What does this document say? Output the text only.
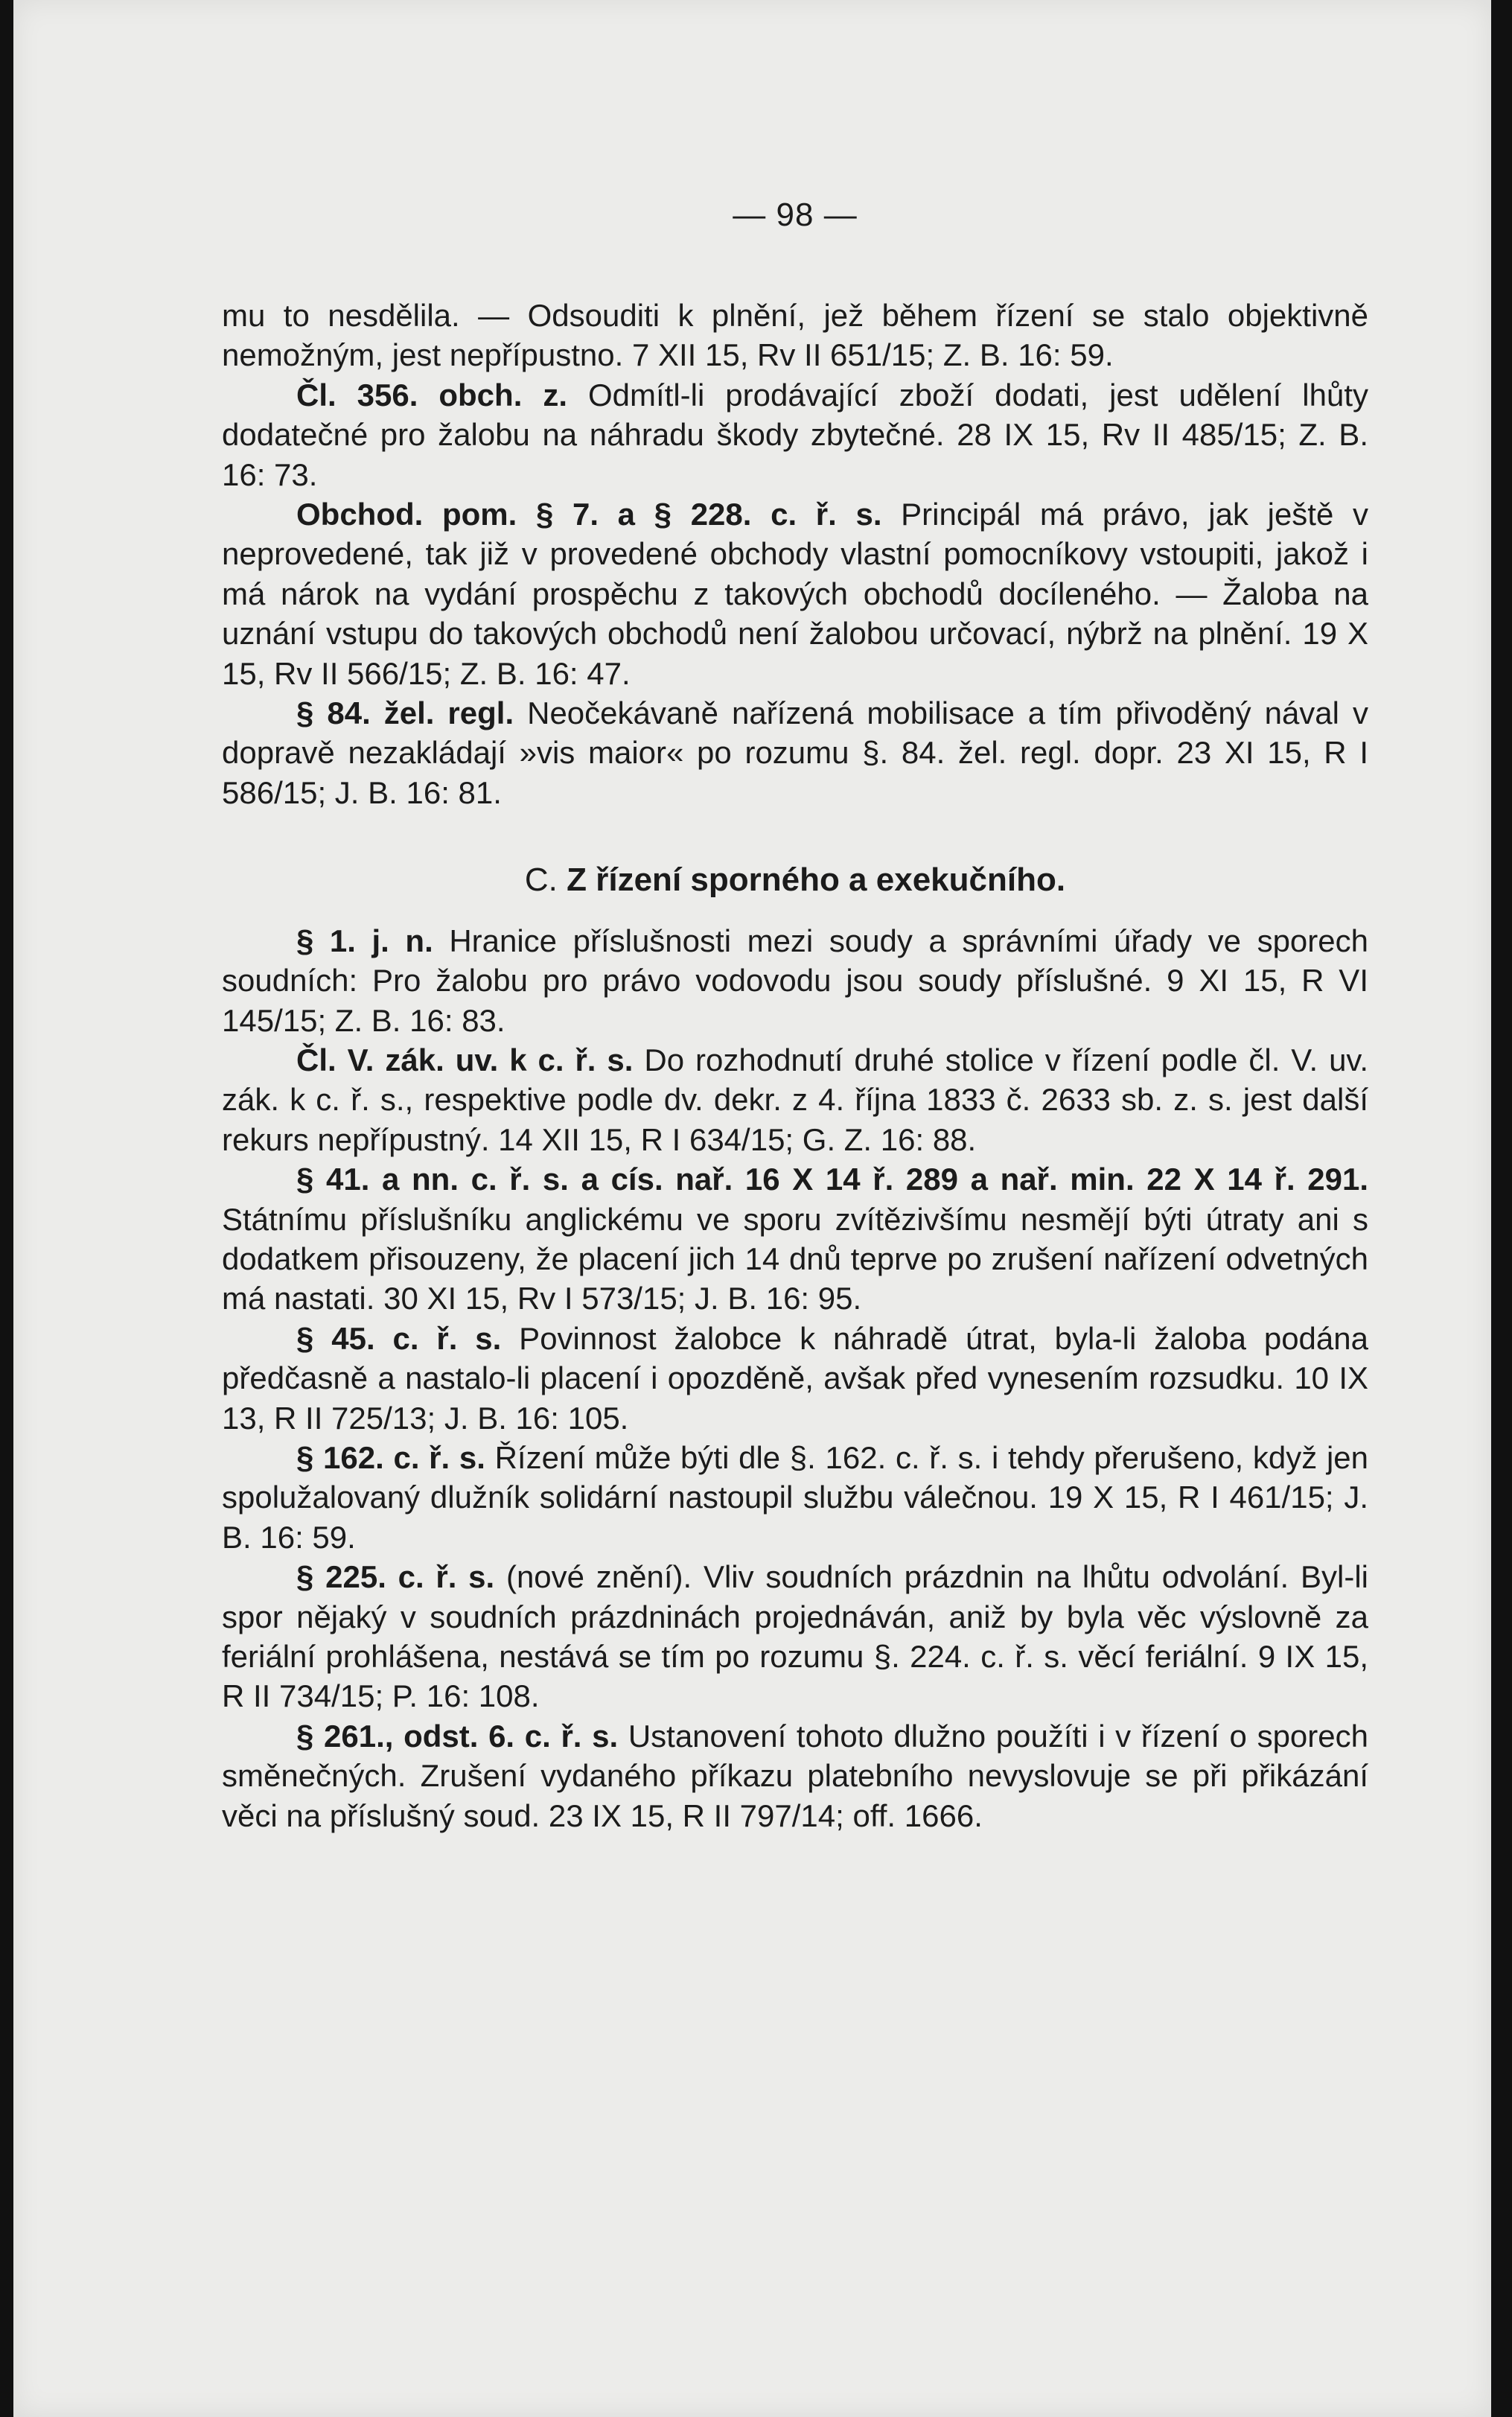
— 98 —

mu to nesdělila. — Odsouditi k plnění, jež během řízení se stalo objektivně nemožným, jest nepřípustno. 7 XII 15, Rv II 651/15; Z. B. 16: 59.

Čl. 356. obch. z. Odmítl-li prodávající zboží dodati, jest udělení lhůty dodatečné pro žalobu na náhradu škody zbytečné. 28 IX 15, Rv II 485/15; Z. B. 16: 73.

Obchod. pom. § 7. a § 228. c. ř. s. Principál má právo, jak ještě v neprovedené, tak již v provedené obchody vlastní pomocníkovy vstoupiti, jakož i má nárok na vydání prospěchu z takových obchodů docíleného. — Žaloba na uznání vstupu do takových obchodů není žalobou určovací, nýbrž na plnění. 19 X 15, Rv II 566/15; Z. B. 16: 47.

§ 84. žel. regl. Neočekávaně nařízená mobilisace a tím přivoděný nával v dopravě nezakládají »vis maior« po rozumu §. 84. žel. regl. dopr. 23 XI 15, R I 586/15; J. B. 16: 81.

C. Z řízení sporného a exekučního.

§ 1. j. n. Hranice příslušnosti mezi soudy a správními úřady ve sporech soudních: Pro žalobu pro právo vodovodu jsou soudy příslušné. 9 XI 15, R VI 145/15; Z. B. 16: 83.

Čl. V. zák. uv. k c. ř. s. Do rozhodnutí druhé stolice v řízení podle čl. V. uv. zák. k c. ř. s., respektive podle dv. dekr. z 4. října 1833 č. 2633 sb. z. s. jest další rekurs nepřípustný. 14 XII 15, R I 634/15; G. Z. 16: 88.

§ 41. a nn. c. ř. s. a cís. nař. 16 X 14 ř. 289 a nař. min. 22 X 14 ř. 291. Státnímu příslušníku anglickému ve sporu zvítězivšímu nesmějí býti útraty ani s dodatkem přisouzeny, že placení jich 14 dnů teprve po zrušení nařízení odvetných má nastati. 30 XI 15, Rv I 573/15; J. B. 16: 95.

§ 45. c. ř. s. Povinnost žalobce k náhradě útrat, byla-li žaloba podána předčasně a nastalo-li placení i opozděně, avšak před vynesením rozsudku. 10 IX 13, R II 725/13; J. B. 16: 105.

§ 162. c. ř. s. Řízení může býti dle §. 162. c. ř. s. i tehdy přerušeno, když jen spolužalovaný dlužník solidární nastoupil službu válečnou. 19 X 15, R I 461/15; J. B. 16: 59.

§ 225. c. ř. s. (nové znění). Vliv soudních prázdnin na lhůtu odvolání. Byl-li spor nějaký v soudních prázdninách projednáván, aniž by byla věc výslovně za feriální prohlášena, nestává se tím po rozumu §. 224. c. ř. s. věcí feriální. 9 IX 15, R II 734/15; P. 16: 108.

§ 261., odst. 6. c. ř. s. Ustanovení tohoto dlužno použíti i v řízení o sporech směnečných. Zrušení vydaného příkazu platebního nevyslovuje se při přikázání věci na příslušný soud. 23 IX 15, R II 797/14; off. 1666.
